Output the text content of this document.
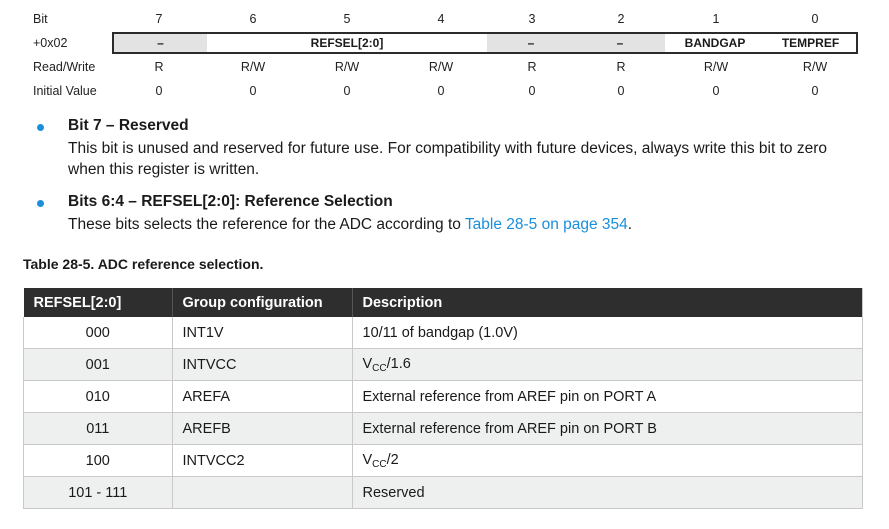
Bit	7	6	5	4	3	2	1	0
+0x02	–	REFSEL[2:0]	–	–	BANDGAP	TEMPREF
Read/Write	R	R/W	R/W	R/W	R	R	R/W	R/W
Initial Value	0	0	0	0	0	0	0	0
Bit 7 – Reserved
This bit is unused and reserved for future use. For compatibility with future devices, always write this bit to zero when this register is written.
Bits 6:4 – REFSEL[2:0]: Reference Selection
These bits selects the reference for the ADC according to Table 28-5 on page 354.
Table 28-5. ADC reference selection.
REFSEL[2:0]	Group configuration	Description
000	INT1V	10/11 of bandgap (1.0V)
001	INTVCC	$V_{CC}/1.6$
010	AREFA	External reference from AREF pin on PORT A
011	AREFB	External reference from AREF pin on PORT B
100	INTVCC2	$V_{CC}/2$
101 - 111		Reserved
